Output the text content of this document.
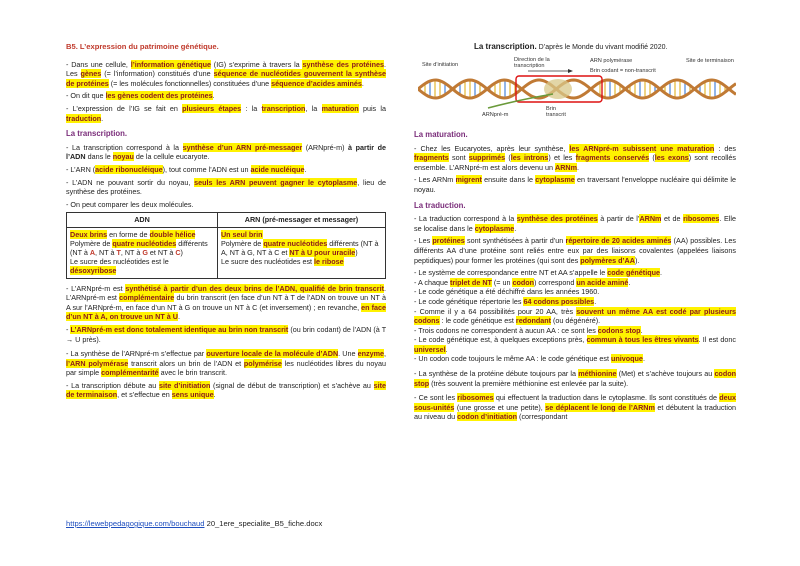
B5. L’expression du patrimoine génétique.

- Dans une cellule, l’information génétique (IG) s’exprime à travers la synthèse des protéines. Les gènes (= l’information) constitués d’une séquence de nucléotides gouvernent la synthèse de protéines (= les molécules fonctionnelles) constituées d’une séquence d’acides aminés.

- On dit que les gènes codent des protéines.

- L’expression de l’IG se fait en plusieurs étapes : la transcription, la maturation puis la traduction.

La transcription.

- La transcription correspond à la synthèse d’un ARN pré-messager (ARNpré-m) à partir de l’ADN dans le noyau de la cellule eucaryote.

- L’ARN (acide ribonucléique), tout comme l’ADN est un acide nucléique.

- L’ADN ne pouvant sortir du noyau, seuls les ARN peuvent gagner le cytoplasme, lieu de synthèse des protéines.

- On peut comparer les deux molécules.

ADN	ARN (pré-messager et messager)
Deux brins en forme de double hélice
Polymère de quatre nucléotides différents (NT à A, NT à T, NT à G et NT à C)
Le sucre des nucléotides est le désoxyribose	Un seul brin
Polymère de quatre nucléotides différents (NT à A, NT à G, NT à C et NT à U pour uracile)
Le sucre des nucléotides est le ribose

- L’ARNpré-m est synthétisé à partir d’un des deux brins de l’ADN, qualifié de brin transcrit. L’ARNpré-m est complémentaire du brin transcrit (en face d’un NT à T de l’ADN on trouve un NT à A sur l’ARNpré-m, en face d’un NT à G on trouve un NT à C (et inversement) ; en revanche, en face d’un NT à A, on trouve un NT à U.

- L’ARNpré-m est donc totalement identique au brin non transcrit (ou brin codant) de l’ADN (à T → U près).

- La synthèse de l’ARNpré-m s’effectue par ouverture locale de la molécule d’ADN. Une enzyme, l’ARN polymérase transcrit alors un brin de l’ADN et polymérise les nucléotides libres du noyau par simple complémentarité avec le brin transcrit.

- La transcription débute au site d’initiation (signal de début de transcription) et s’achève au site de terminaison, et s’effectue en sens unique.

La transcription. D’après le Monde du vivant modifié 2020.
Site d’initiation
Direction de la transcription
ARN polymérase
Brin codant = non-transcrit
Site de terminaison
ARNpré-m
Brin transcrit
La maturation.

- Chez les Eucaryotes, après leur synthèse, les ARNpré-m subissent une maturation : des fragments sont supprimés (les introns) et les fragments conservés (les exons) sont recollés ensemble. L’ARNpré-m est alors devenu un ARNm.

- Les ARNm migrent ensuite dans le cytoplasme en traversant l’enveloppe nucléaire qui délimite le noyau.

La traduction.

- La traduction correspond à la synthèse des protéines à partir de l’ARNm et de ribosomes. Elle se localise dans le cytoplasme.

- Les protéines sont synthétisées à partir d’un répertoire de 20 acides aminés (AA) possibles. Les différents AA d’une protéine sont reliés entre eux par des liaisons covalentes (appelées liaisons peptidiques) pour former les protéines (qui sont des polymères d’AA).

- Le système de correspondance entre NT et AA s’appelle le code génétique.

- A chaque triplet de NT (= un codon) correspond un acide aminé.

- Le code génétique a été déchiffré dans les années 1960.

- Le code génétique répertorie les 64 codons possibles.

- Comme il y a 64 possibilités pour 20 AA, très souvent un même AA est codé par plusieurs codons : le code génétique est redondant (ou dégénéré).

- Trois codons ne correspondent à aucun AA : ce sont les codons stop.

- Le code génétique est, à quelques exceptions près, commun à tous les êtres vivants. Il est donc universel.

- Un codon code toujours le même AA : le code génétique est univoque.

- La synthèse de la protéine débute toujours par la méthionine (Met) et s’achève toujours au codon stop (très souvent la première méthionine est enlevée par la suite).

- Ce sont les ribosomes qui effectuent la traduction dans le cytoplasme. Ils sont constitués de deux sous-unités (une grosse et une petite), se déplacent le long de l’ARNm et débutent la traduction au niveau du codon d’initiation (correspondant

https://lewebpedagogique.com/bouchaud 20_1ere_specialite_B5_fiche.docx
